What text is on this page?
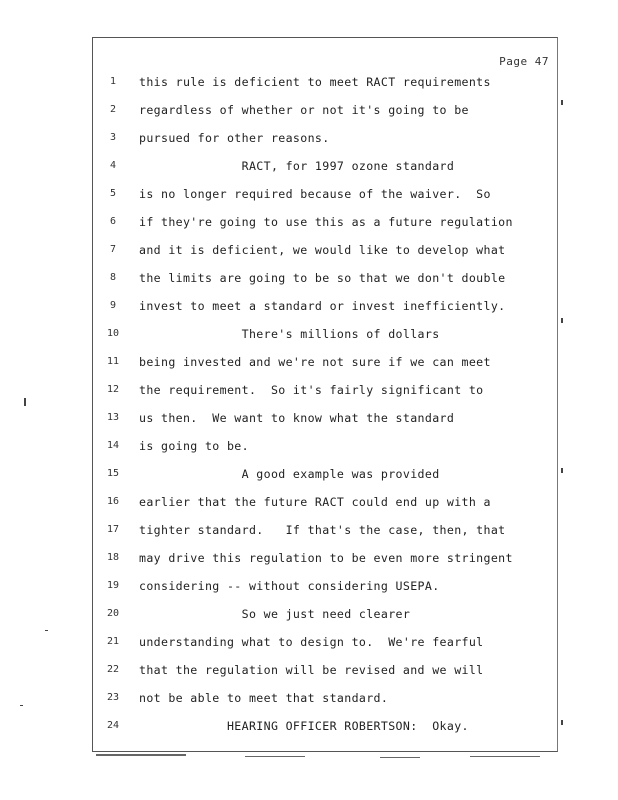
Page 47
1	this rule is deficient to meet RACT requirements
2	regardless of whether or not it's going to be
3	pursued for other reasons.
4	RACT, for 1997 ozone standard
5	is no longer required because of the waiver.  So
6	if they're going to use this as a future regulation
7	and it is deficient, we would like to develop what
8	the limits are going to be so that we don't double
9	invest to meet a standard or invest inefficiently.
10	There's millions of dollars
11	being invested and we're not sure if we can meet
12	the requirement.  So it's fairly significant to
13	us then.  We want to know what the standard
14	is going to be.
15	A good example was provided
16	earlier that the future RACT could end up with a
17	tighter standard.   If that's the case, then, that
18	may drive this regulation to be even more stringent
19	considering -- without considering USEPA.
20	So we just need clearer
21	understanding what to design to.  We're fearful
22	that the regulation will be revised and we will
23	not be able to meet that standard.
24	HEARING OFFICER ROBERTSON:  Okay.
